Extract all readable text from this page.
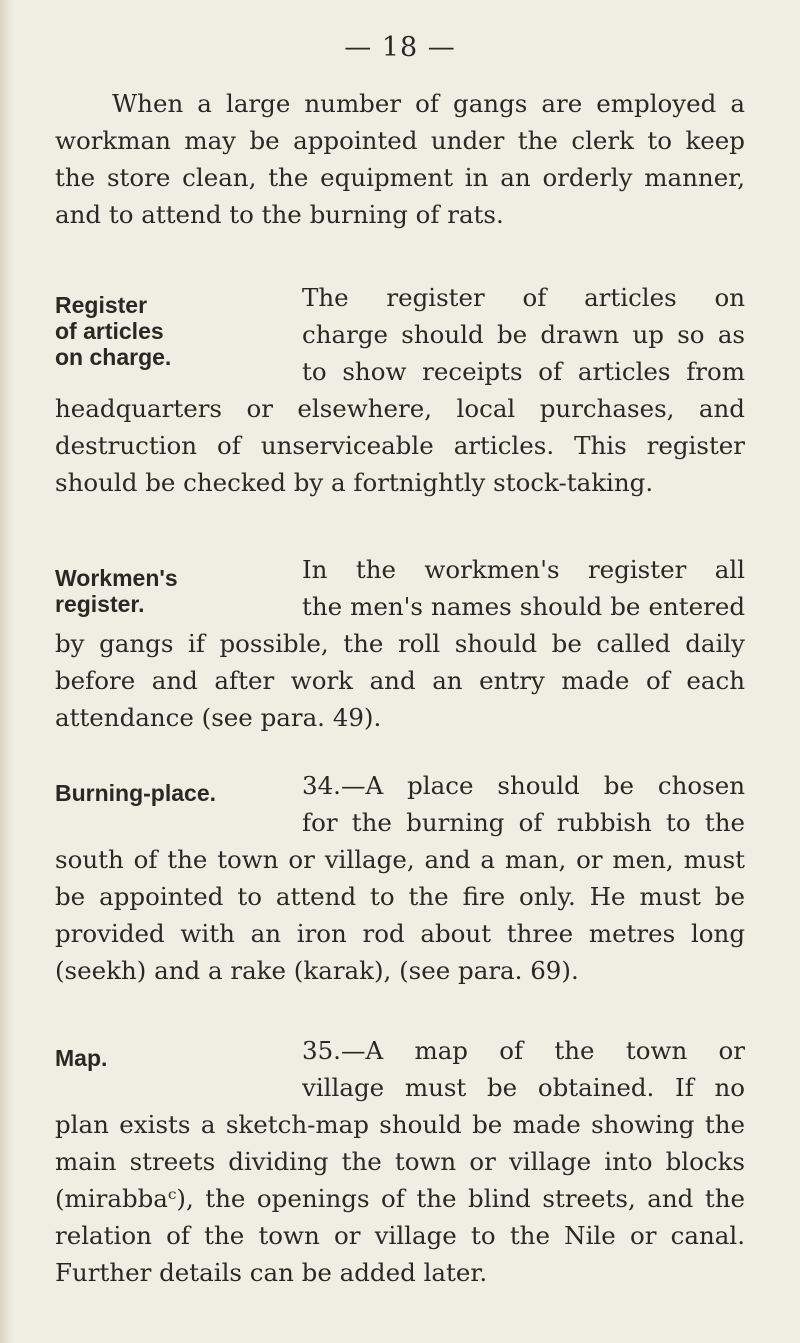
— 18 —
When a large number of gangs are employed a
workman may be appointed under the clerk to keep
the store clean, the equipment in an orderly manner,
and to attend to the burning of rats.
Register
of articles
on charge.
The register of articles on
charge should be drawn up so as
to show receipts of articles from
headquarters or elsewhere, local purchases, and
destruction of unserviceable articles. This register
should be checked by a fortnightly stock-taking.
Workmen's
register.
In the workmen's register all
the men's names should be entered
by gangs if possible, the roll should be called daily
before and after work and an entry made of each
attendance (see para. 49).
Burning-place.	34.—A place should be chosen
for the burning of rubbish to the
south of the town or village, and a man, or men, must
be appointed to attend to the fire only. He must be
provided with an iron rod about three metres long
(seekh) and a rake (karak), (see para. 69).
Map.	35.—A map of the town or
village must be obtained. If no
plan exists a sketch-map should be made showing the
main streets dividing the town or village into blocks
(mirabbaᶜ), the openings of the blind streets, and the
relation of the town or village to the Nile or canal.
Further details can be added later.
